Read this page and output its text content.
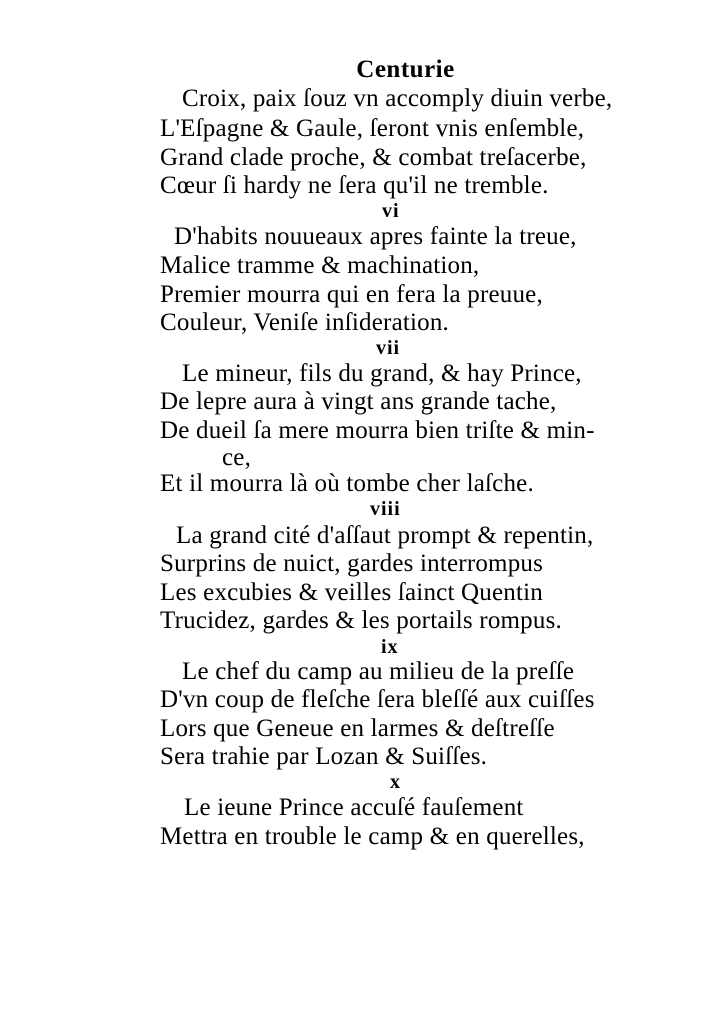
Centurie
Croix, paix ſouz vn accomply diuin verbe,
L'Eſpagne & Gaule, ſeront vnis enſemble,
Grand clade proche, & combat treſacerbe,
Cœur ſi hardy ne ſera qu'il ne tremble.
vi
D'habits nouueaux apres fainte la treue,
Malice tramme & machination,
Premier mourra qui en fera la preuue,
Couleur, Veniſe inſideration.
vii
Le mineur, fils du grand, & hay Prince,
De lepre aura à vingt ans grande tache,
De dueil ſa mere mourra bien triſte & min-
ce,
Et il mourra là où tombe cher laſche.
viii
La grand cité d'aſſaut prompt & repentin,
Surprins de nuict, gardes interrompus
Les excubies & veilles ſainct Quentin
Trucidez, gardes & les portails rompus.
ix
Le chef du camp au milieu de la preſſe
D'vn coup de fleſche ſera bleſſé aux cuiſſes
Lors que Geneue en larmes & deſtreſſe
Sera trahie par Lozan & Suiſſes.
x
Le ieune Prince accuſé fauſement
Mettra en trouble le camp & en querelles,
